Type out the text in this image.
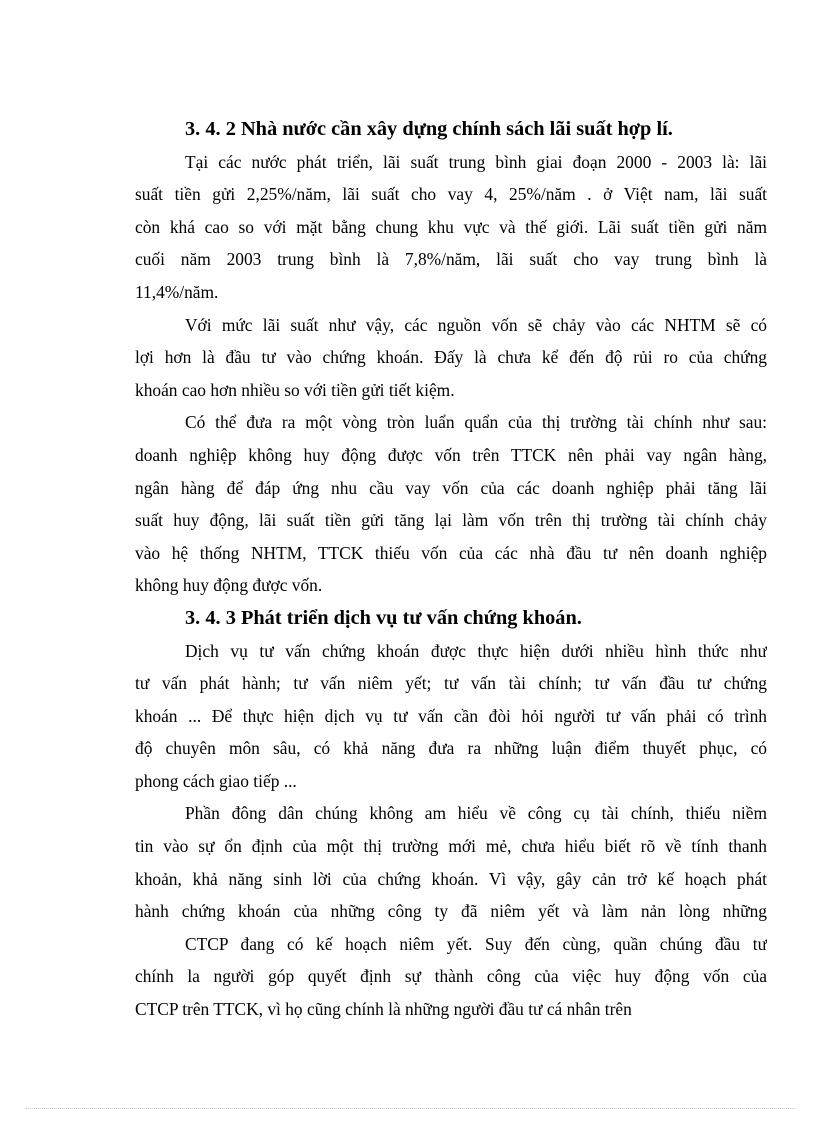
3. 4. 2 Nhà nước cần xây dựng chính sách lãi suất hợp lí.

Tại các nước phát triển, lãi suất trung bình giai đoạn 2000 - 2003 là: lãi
suất tiền gửi 2,25%/năm, lãi suất cho vay 4, 25%/năm . ở Việt nam, lãi suất
còn khá cao so với mặt bằng chung khu vực và thế giới. Lãi suất tiền gửi năm
cuối năm 2003 trung bình là 7,8%/năm, lãi suất cho vay trung bình là
11,4%/năm.

Với mức lãi suất như vậy, các nguồn vốn sẽ chảy vào các NHTM sẽ có
lợi hơn là đầu tư vào chứng khoán. Đấy là chưa kể đến độ rủi ro của chứng
khoán cao hơn nhiều so với tiền gửi tiết kiệm.

Có thể đưa ra một vòng tròn luẩn quẩn của thị trường tài chính như sau:
doanh nghiệp không huy động được vốn trên TTCK nên phải vay ngân hàng,
ngân hàng để đáp ứng nhu cầu vay vốn của các doanh nghiệp phải tăng lãi
suất huy động, lãi suất tiền gửi tăng lại làm vốn trên thị trường tài chính chảy
vào hệ thống NHTM, TTCK thiếu vốn của các nhà đầu tư nên doanh nghiệp
không huy động được vốn.

3. 4. 3 Phát triển dịch vụ tư vấn chứng khoán.

Dịch vụ tư vấn chứng khoán được thực hiện dưới nhiều hình thức như
tư vấn phát hành; tư vấn niêm yết; tư vấn tài chính; tư vấn đầu tư chứng
khoán ... Để thực hiện dịch vụ tư vấn cần đòi hỏi người tư vấn phải có trình
độ chuyên môn sâu, có khả năng đưa ra những luận điểm thuyết phục, có
phong cách giao tiếp ...

Phần đông dân chúng không am hiểu về công cụ tài chính, thiếu niềm
tin vào sự ổn định của một thị trường mới mẻ, chưa hiểu biết rõ về tính thanh
khoản, khả năng sinh lời của chứng khoán. Vì vậy, gây cản trở kế hoạch phát
hành chứng khoán của những công ty đã niêm yết và làm nản lòng những

CTCP đang có kế hoạch niêm yết. Suy đến cùng, quần chúng đầu tư
chính la người góp quyết định sự thành công của việc huy động vốn của
CTCP trên TTCK, vì họ cũng chính là những người đầu tư cá nhân trên
